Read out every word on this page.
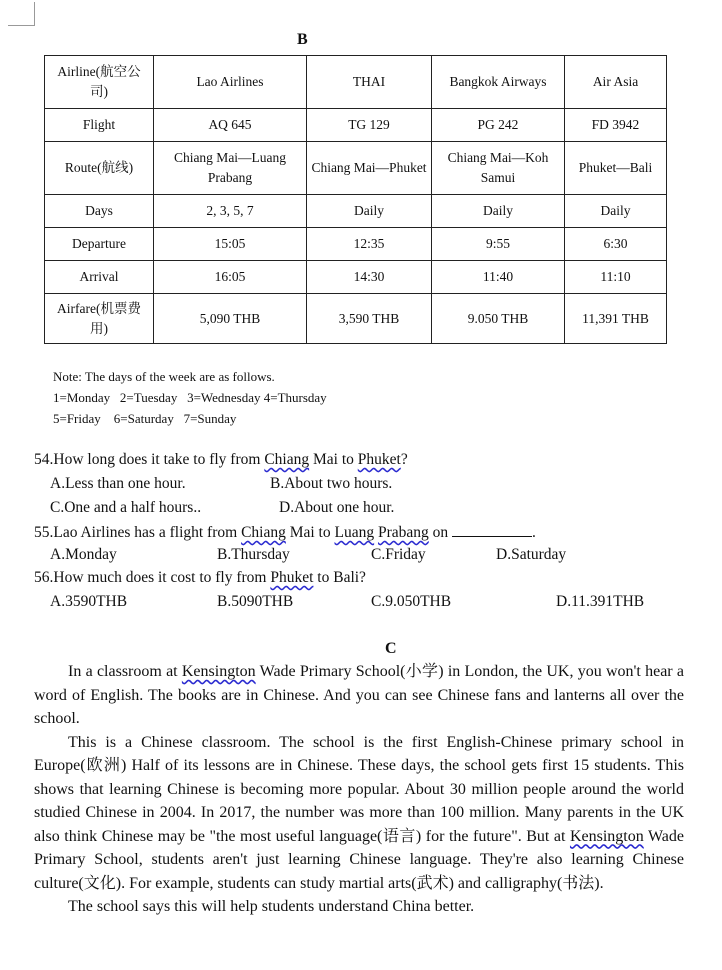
B
Airline(航空公司)	Lao Airlines	THAI	Bangkok Airways	Air Asia
Flight	AQ 645	TG 129	PG 242	FD 3942
Route(航线)	Chiang Mai—Luang Prabang	Chiang Mai—Phuket	Chiang Mai—Koh Samui	Phuket—Bali
Days	2, 3, 5, 7	Daily	Daily	Daily
Departure	15:05	12:35	9:55	6:30
Arrival	16:05	14:30	11:40	11:10
Airfare(机票费用)	5,090 THB	3,590 THB	9.050 THB	11,391 THB
Note: The days of the week are as follows.
1=Monday   2=Tuesday   3=Wednesday 4=Thursday
5=Friday    6=Saturday   7=Sunday
54.How long does it take to fly from Chiang Mai to Phuket?
A.Less than one hour.	B.About two hours.
C.One and a half hours..	D.About one hour.
55.Lao Airlines has a flight from Chiang Mai to Luang Prabang on	.
A.Monday	B.Thursday	C.Friday	D.Saturday
56.How much does it cost to fly from Phuket to Bali?
A.3590THB	B.5090THB	C.9.050THB	D.11.391THB
C

In a classroom at Kensington Wade Primary School(小学) in London, the UK, you won't hear a word of English. The books are in Chinese. And you can see Chinese fans and lanterns all over the school.

This is a Chinese classroom. The school is the first English-Chinese primary school in Europe(欧洲) Half of its lessons are in Chinese. These days, the school gets first 15 students. This shows that learning Chinese is becoming more popular. About 30 million people around the world studied Chinese in 2004. In 2017, the number was more than 100 million. Many parents in the UK also think Chinese may be "the most useful language(语言) for the future". But at Kensington Wade Primary School, students aren't just learning Chinese language. They're also learning Chinese culture(文化). For example, students can study martial arts(武术) and calligraphy(书法).

The school says this will help students understand China better.
